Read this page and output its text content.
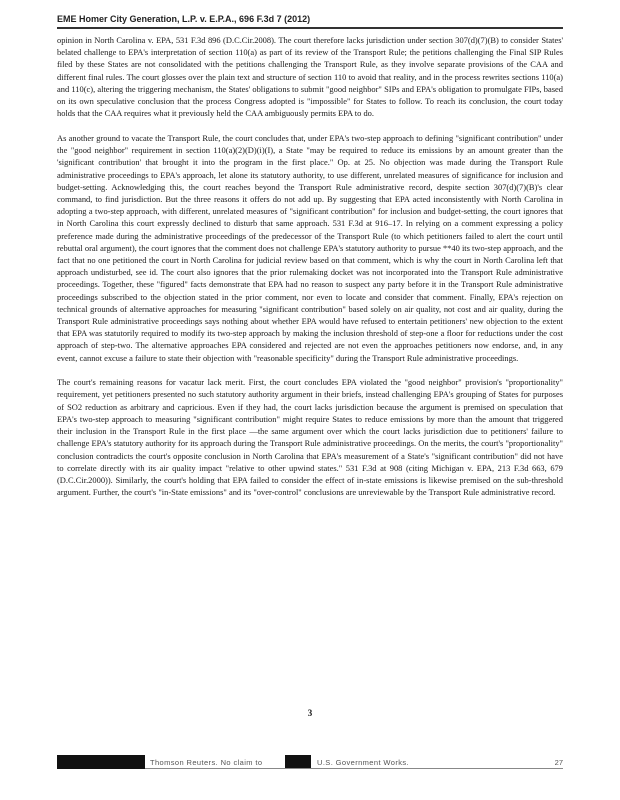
EME Homer City Generation, L.P. v. E.P.A., 696 F.3d 7 (2012)

opinion in North Carolina v. EPA, 531 F.3d 896 (D.C.Cir.2008). The court therefore lacks jurisdiction under section 307(d)(7)(B) to consider States' belated challenge to EPA's interpretation of section 110(a) as part of its review of the Transport Rule; the petitions challenging the Final SIP Rules filed by these States are not consolidated with the petitions challenging the Transport Rule, as they involve separate provisions of the CAA and different final rules. The court glosses over the plain text and structure of section 110 to avoid that reality, and in the process rewrites sections 110(a) and 110(c), altering the triggering mechanism, the States' obligations to submit "good neighbor" SIPs and EPA's obligation to promulgate FIPs, based on its own speculative conclusion that the process Congress adopted is "impossible" for States to follow. To reach its conclusion, the court today holds that the CAA requires what it previously held the CAA ambiguously permits EPA to do.

As another ground to vacate the Transport Rule, the court concludes that, under EPA's two-step approach to defining "significant contribution" under the "good neighbor" requirement in section 110(a)(2)(D)(i)(I), a State "may be required to reduce its emissions by an amount greater than the 'significant contribution' that brought it into the program in the first place." Op. at 25. No objection was made during the Transport Rule administrative proceedings to EPA's approach, let alone its statutory authority, to use different, unrelated measures of significance for inclusion and budget-setting. Acknowledging this, the court reaches beyond the Transport Rule administrative record, despite section 307(d)(7)(B)'s clear command, to find jurisdiction. But the three reasons it offers do not add up. By suggesting that EPA acted inconsistently with North Carolina in adopting a two-step approach, with different, unrelated measures of "significant contribution" for inclusion and budget-setting, the court ignores that in North Carolina this court expressly declined to disturb that same approach. 531 F.3d at 916–17. In relying on a comment expressing a policy preference made during the administrative proceedings of the predecessor of the Transport Rule (to which petitioners failed to alert the court until rebuttal oral argument), the court ignores that the comment does not challenge EPA's statutory authority to pursue **40 its two-step approach, and the fact that no one petitioned the court in North Carolina for judicial review based on that comment, which is why the court in North Carolina left that approach undisturbed, see id. The court also ignores that the prior rulemaking docket was not incorporated into the Transport Rule administrative proceedings. Together, these "figured" facts demonstrate that EPA had no reason to suspect any party before it in the Transport Rule administrative proceedings subscribed to the objection stated in the prior comment, nor even to locate and consider that comment. Finally, EPA's rejection on technical grounds of alternative approaches for measuring "significant contribution" based solely on air quality, not cost and air quality, during the Transport Rule administrative proceedings says nothing about whether EPA would have refused to entertain petitioners' new objection to the extent that EPA was statutorily required to modify its two-step approach by making the inclusion threshold of step-one a floor for reductions under the cost approach of step-two. The alternative approaches EPA considered and rejected are not even the approaches petitioners now endorse, and, in any event, cannot excuse a failure to state their objection with "reasonable specificity" during the Transport Rule administrative proceedings.

The court's remaining reasons for vacatur lack merit. First, the court concludes EPA violated the "good neighbor" provision's "proportionality" requirement, yet petitioners presented no such statutory authority argument in their briefs, instead challenging EPA's grouping of States for purposes of SO2 reduction as arbitrary and capricious. Even if they had, the court lacks jurisdiction because the argument is premised on speculation that EPA's two-step approach to measuring "significant contribution" might require States to reduce emissions by more than the amount that triggered their inclusion in the Transport Rule in the first place —the same argument over which the court lacks jurisdiction due to petitioners' failure to challenge EPA's statutory authority for its approach during the Transport Rule administrative proceedings. On the merits, the court's "proportionality" conclusion contradicts the court's opposite conclusion in North Carolina that EPA's measurement of a State's "significant contribution" did not have to correlate directly with its air quality impact "relative to other upwind states." 531 F.3d at 908 (citing Michigan v. EPA, 213 F.3d 663, 679 (D.C.Cir.2000)). Similarly, the court's holding that EPA failed to consider the effect of in-state emissions is likewise premised on the sub-threshold argument. Further, the court's "in-State emissions" and its "over-control" conclusions are unreviewable by the Transport Rule administrative record.

3
Thomson Reuters. No claim to	U.S. Government Works.	27
